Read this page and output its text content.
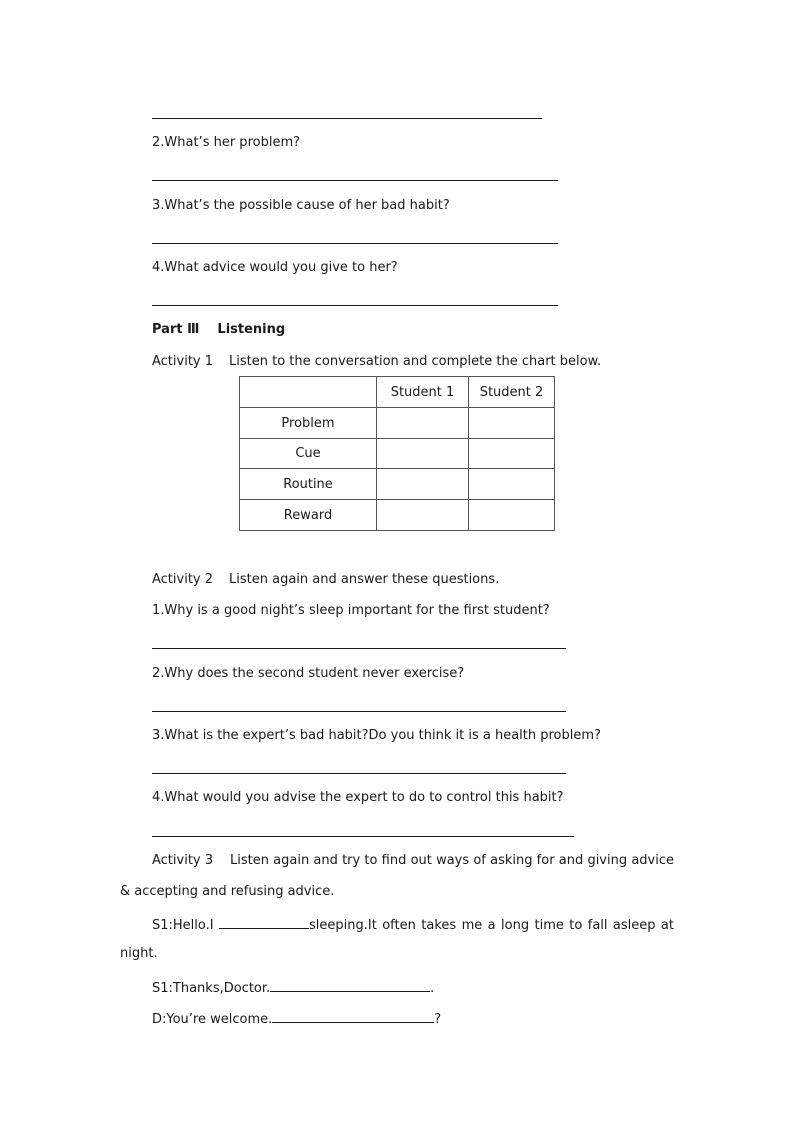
2.What’s her problem?
3.What’s the possible cause of her bad habit?
4.What advice would you give to her?
Part Ⅲ Listening
Activity 1 Listen to the conversation and complete the chart below.
	Student 1	Student 2
Problem		
Cue		
Routine		
Reward		
Activity 2 Listen again and answer these questions.
1.Why is a good night’s sleep important for the first student?
2.Why does the second student never exercise?
3.What is the expert’s bad habit?Do you think it is a health problem?
4.What would you advise the expert to do to control this habit?
Activity 3 Listen again and try to find out ways of asking for and giving advice
& accepting and refusing advice.
S1:Hello.I	sleeping.It often takes me a long time to fall asleep at
night.
S1:Thanks,Doctor.	.
D:You’re welcome.	?
